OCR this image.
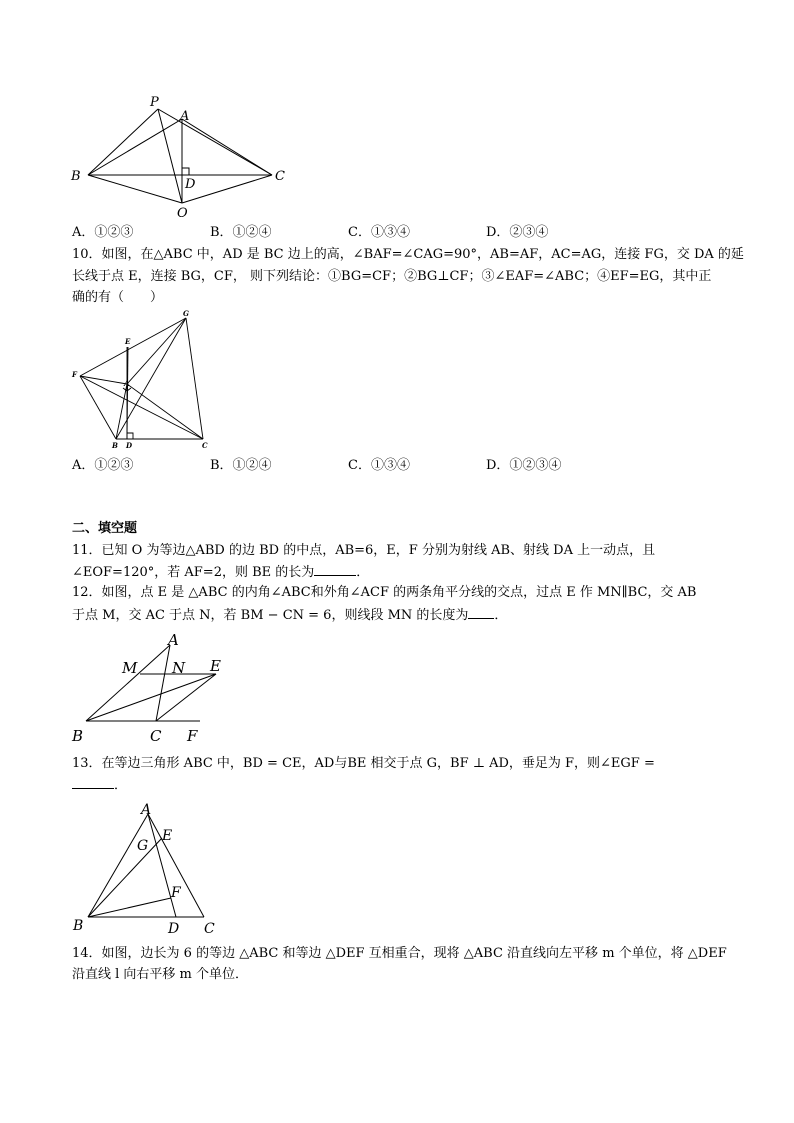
P
A
B	C
D
O
A．①②③	B．①②④	C．①③④	D．②③④
10．如图，在△ABC 中，AD 是 BC 边上的高，∠BAF=∠CAG=90°，AB=AF，AC=AG，连接 FG，交 DA 的延
长线于点 E，连接 BG，CF， 则下列结论：①BG=CF；②BG⊥CF；③∠EAF=∠ABC；④EF=EG，其中正
确的有（　　）
G
E
F
A
B D	C
A．①②③	B．①②④	C．①③④	D．①②③④
二、填空题
11．已知 O 为等边△ABD 的边 BD 的中点，AB=6，E，F 分别为射线 AB、射线 DA 上一动点，且
∠EOF=120°，若 AF=2，则 BE 的长为	．
12．如图，点 E 是 △ABC 的内角∠ABC和外角∠ACF 的两条角平分线的交点，过点 E 作 MN∥BC，交 AB
于点 M，交 AC 于点 N，若 BM − CN = 6，则线段 MN 的长度为 ．
A
M N E
B	C F
13．在等边三角形 ABC 中，BD = CE，AD与BE 相交于点 G，BF ⊥ AD，垂足为 F，则∠EGF =
．
A
E
G
F
B	D C
14．如图，边长为 6 的等边 △ABC 和等边 △DEF 互相重合，现将 △ABC 沿直线向左平移 m 个单位，将 △DEF
沿直线 l 向右平移 m 个单位．
